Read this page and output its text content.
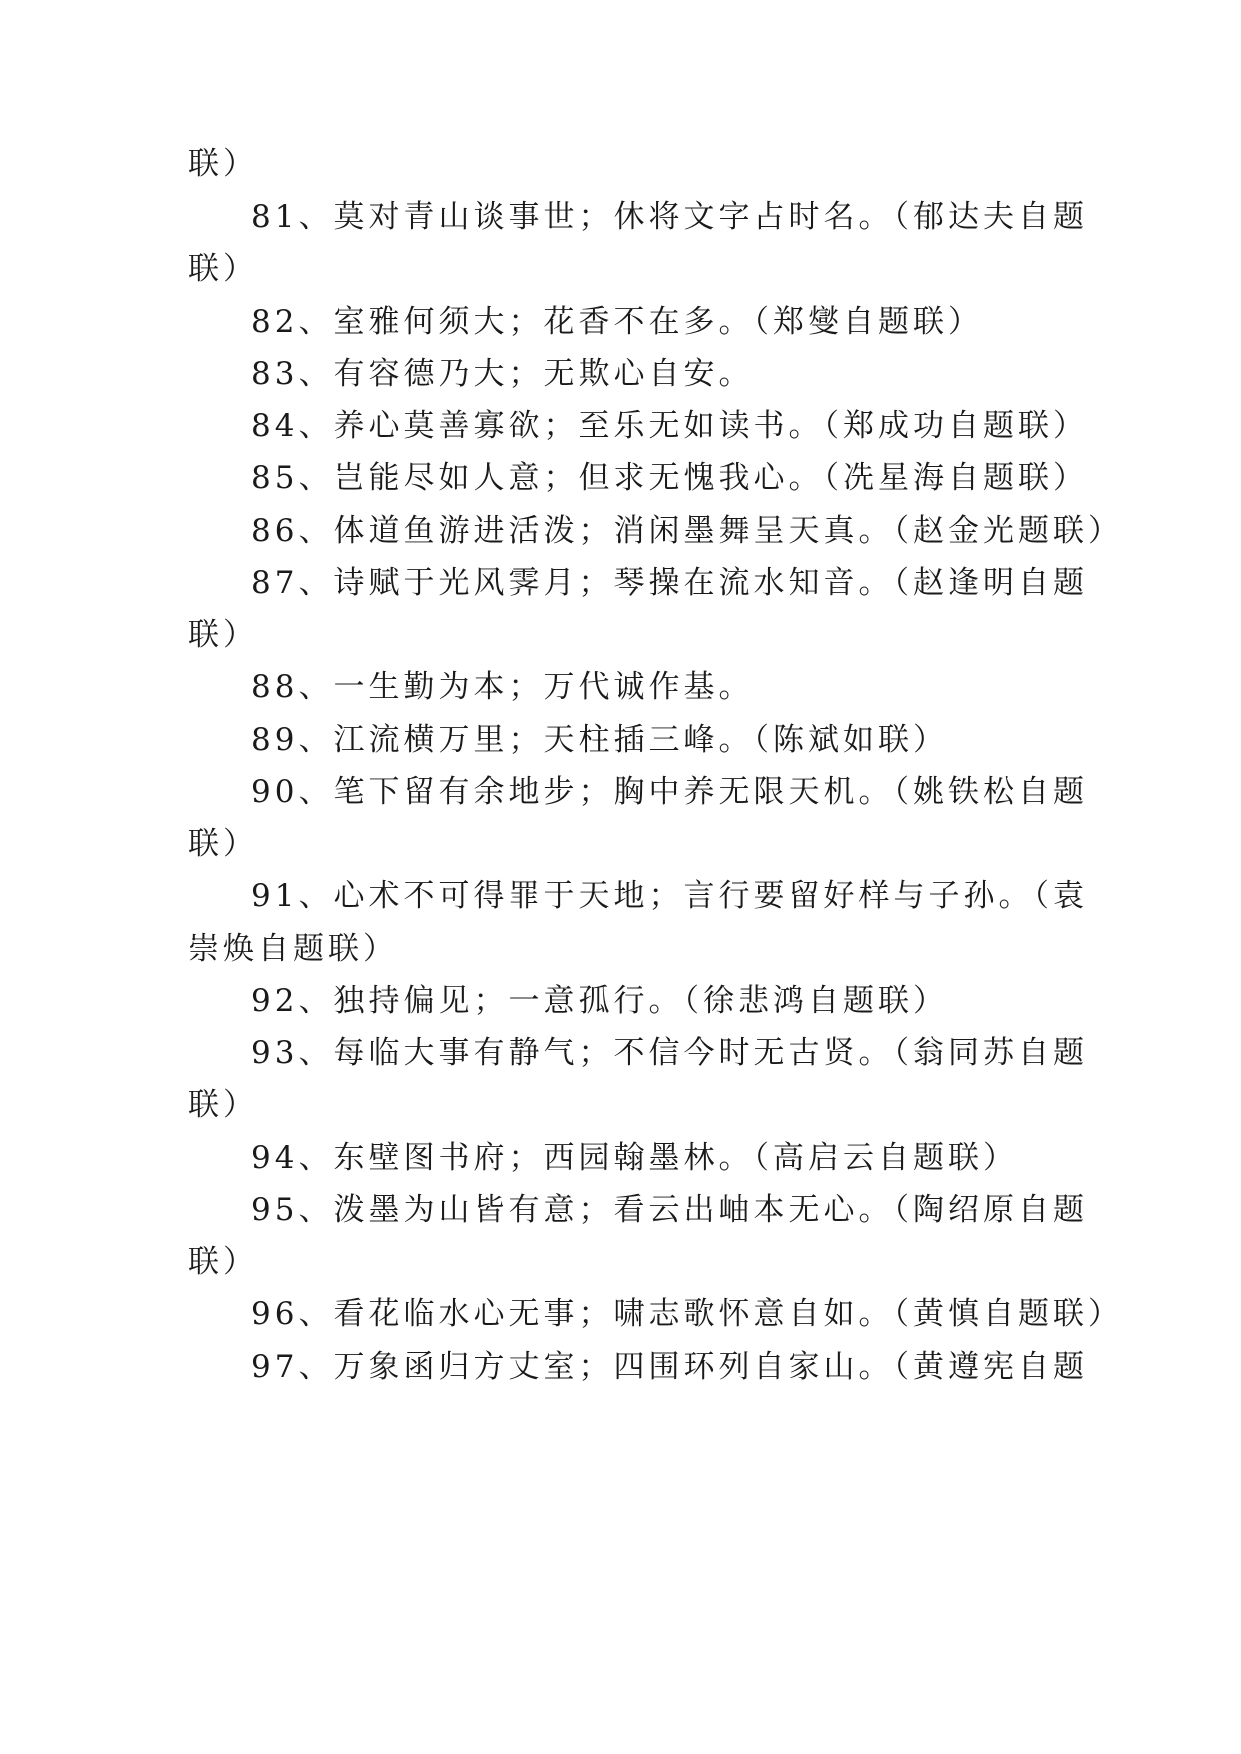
联）

81、莫对青山谈事世；休将文字占时名。（郁达夫自题

联）

82、室雅何须大；花香不在多。（郑燮自题联）

83、有容德乃大；无欺心自安。

84、养心莫善寡欲；至乐无如读书。（郑成功自题联）

85、岂能尽如人意；但求无愧我心。（冼星海自题联）

86、体道鱼游进活泼；消闲墨舞呈天真。（赵金光题联）

87、诗赋于光风霁月；琴操在流水知音。（赵逢明自题

联）

88、一生勤为本；万代诚作基。

89、江流横万里；天柱插三峰。（陈斌如联）

90、笔下留有余地步；胸中养无限天机。（姚铁松自题

联）

91、心术不可得罪于天地；言行要留好样与子孙。（袁

崇焕自题联）

92、独持偏见；一意孤行。（徐悲鸿自题联）

93、每临大事有静气；不信今时无古贤。（翁同苏自题

联）

94、东壁图书府；西园翰墨林。（高启云自题联）

95、泼墨为山皆有意；看云出岫本无心。（陶绍原自题

联）

96、看花临水心无事；啸志歌怀意自如。（黄慎自题联）

97、万象函归方丈室；四围环列自家山。（黄遵宪自题
